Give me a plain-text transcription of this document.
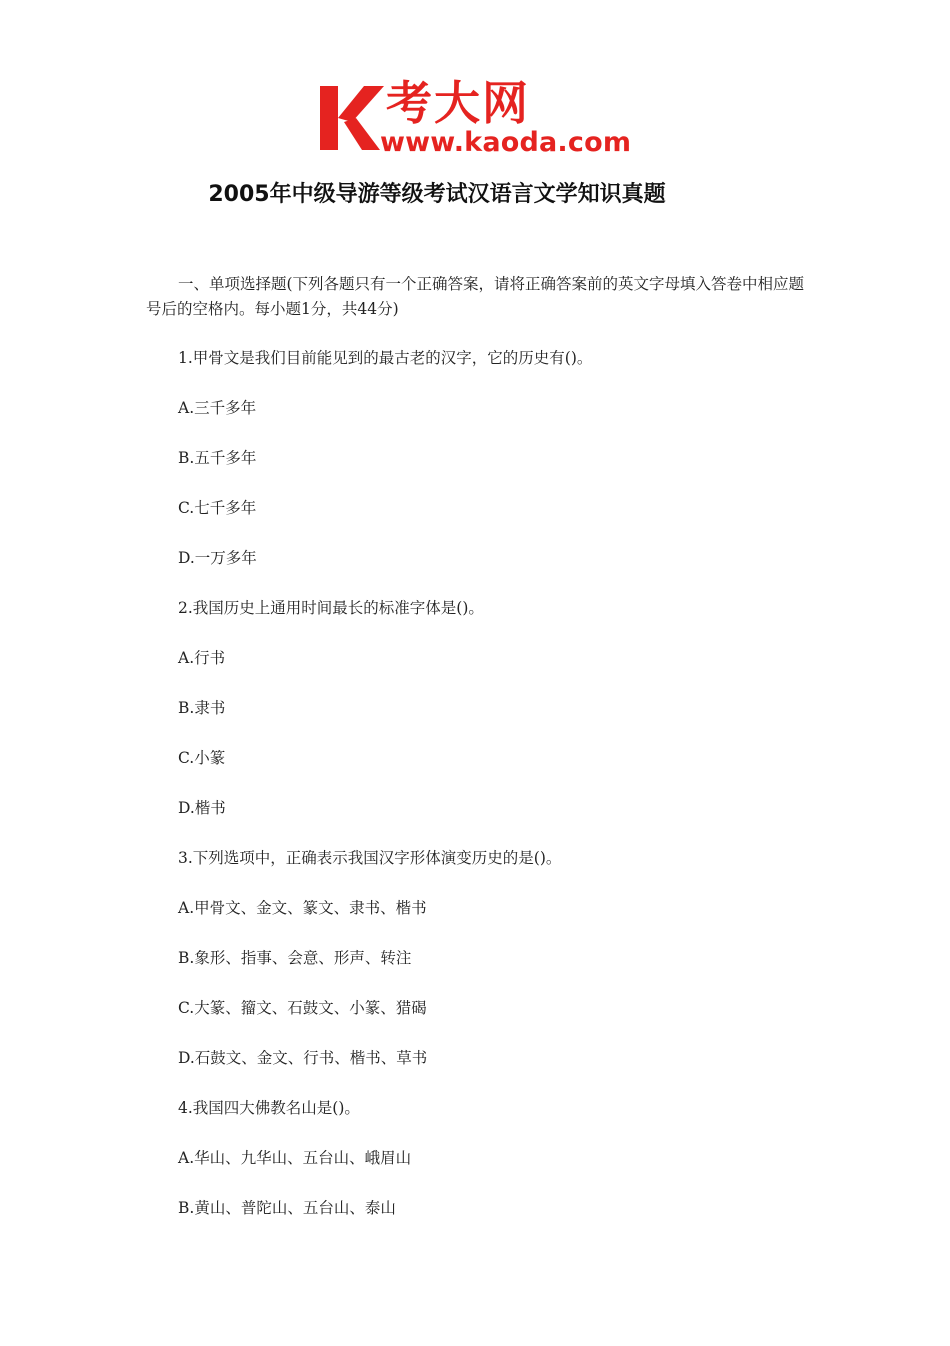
考大网
www.kaoda.com
2005年中级导游等级考试汉语言文学知识真题
一、单项选择题(下列各题只有一个正确答案，请将正确答案前的英文字母填入答卷中相应题号后的空格内。每小题1分，共44分)
1.甲骨文是我们目前能见到的最古老的汉字，它的历史有()。
A.三千多年
B.五千多年
C.七千多年
D.一万多年
2.我国历史上通用时间最长的标准字体是()。
A.行书
B.隶书
C.小篆
D.楷书
3.下列选项中，正确表示我国汉字形体演变历史的是()。
A.甲骨文、金文、篆文、隶书、楷书
B.象形、指事、会意、形声、转注
C.大篆、籀文、石鼓文、小篆、猎碣
D.石鼓文、金文、行书、楷书、草书
4.我国四大佛教名山是()。
A.华山、九华山、五台山、峨眉山
B.黄山、普陀山、五台山、泰山
